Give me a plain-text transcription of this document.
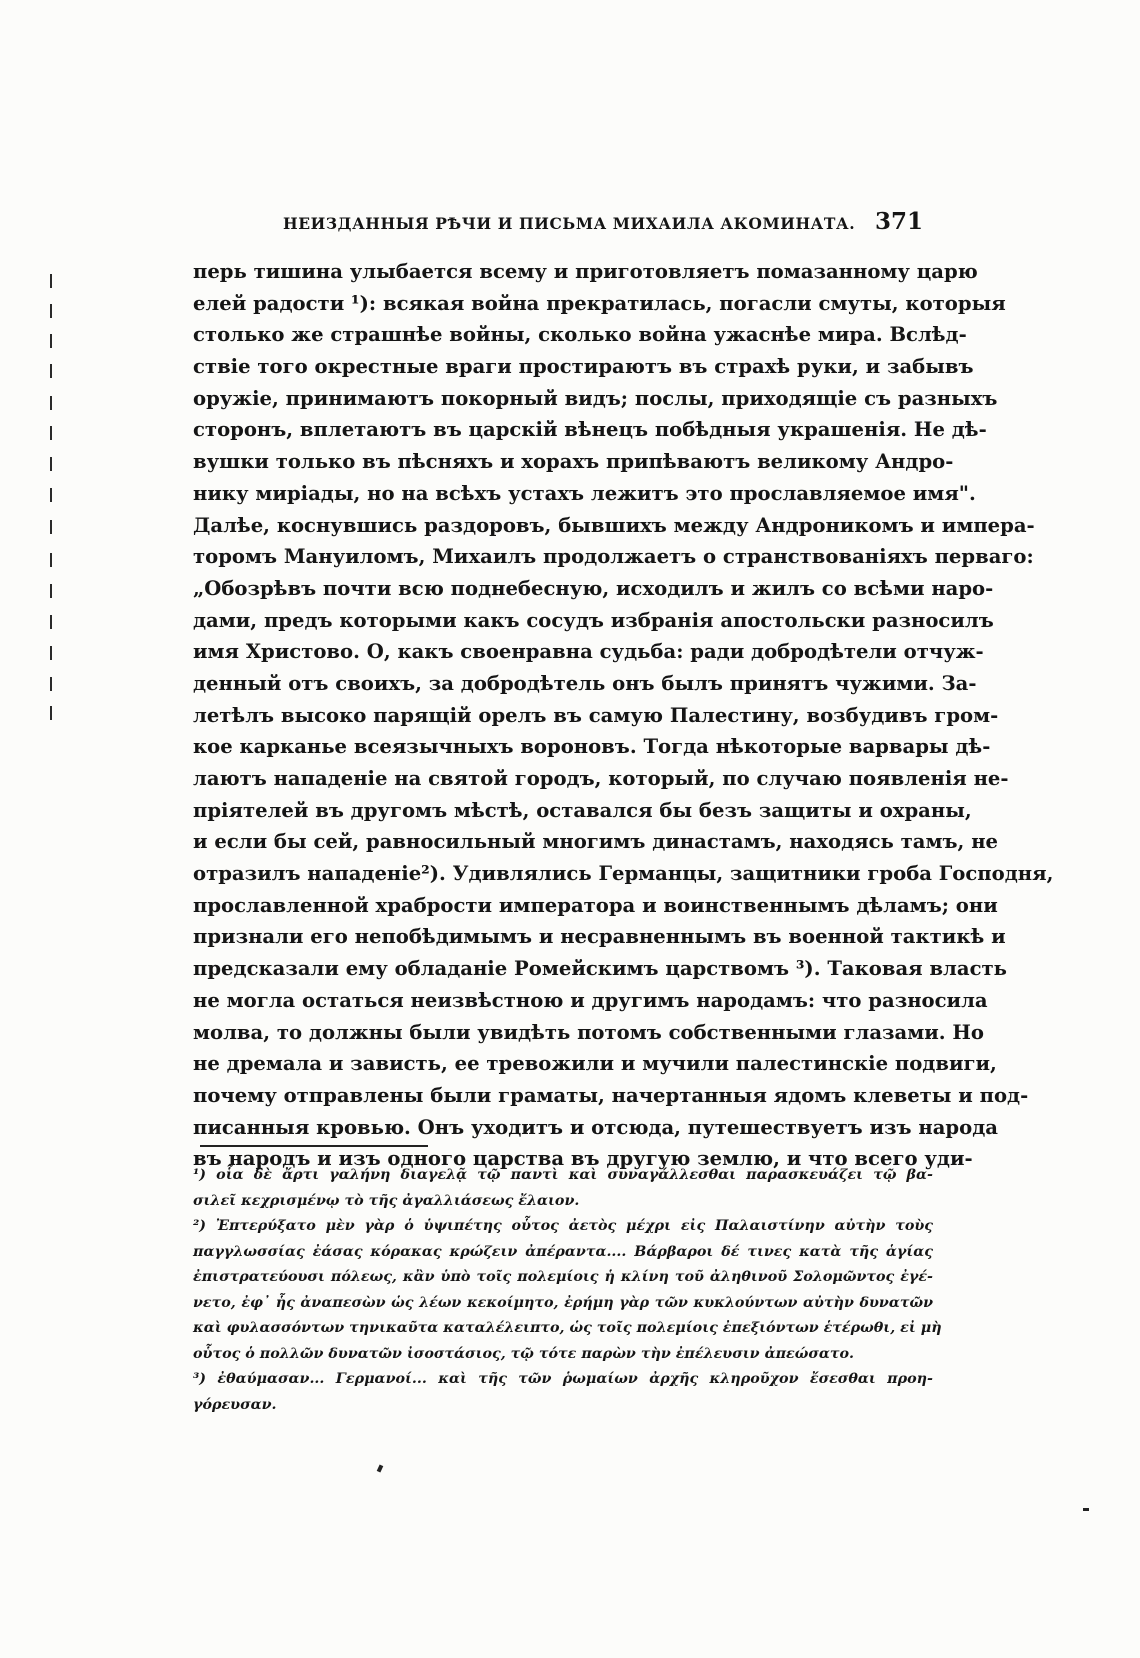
НЕИЗДАННЫЯ РѢЧИ И ПИСЬМА МИХАИЛА АКОМИНАТА. 371
перь тишина улыбается всему и приготовляетъ помазанному царю
елей радости ¹): всякая война прекратилась, погасли смуты, которыя
столько же страшнѣе войны, сколько война ужаснѣе мира. Вслѣд-
ствіе того окрестные враги простираютъ въ страхѣ руки, и забывъ
оружіе, принимаютъ покорный видъ; послы, приходящіе съ разныхъ
сторонъ, вплетаютъ въ царскій вѣнецъ побѣдныя украшенія. Не дѣ-
вушки только въ пѣсняхъ и хорахъ припѣваютъ великому Андро-
нику миріады, но на всѣхъ устахъ лежитъ это прославляемое имя".
Далѣе, коснувшись раздоровъ, бывшихъ между Андроникомъ и импера-
торомъ Мануиломъ, Михаилъ продолжаетъ о странствованіяхъ перваго:
„Обозрѣвъ почти всю поднебесную, исходилъ и жилъ со всѣми наро-
дами, предъ которыми какъ сосудъ избранія апостольски разносилъ
имя Христово. О, какъ своенравна судьба: ради добродѣтели отчуж-
денный отъ своихъ, за добродѣтель онъ былъ принятъ чужими. За-
летѣлъ высоко парящій орелъ въ самую Палестину, возбудивъ гром-
кое карканье всеязычныхъ вороновъ. Тогда нѣкоторые варвары дѣ-
лаютъ нападеніе на святой городъ, который, по случаю появленія не-
пріятелей въ другомъ мѣстѣ, оставался бы безъ защиты и охраны,
и если бы сей, равносильный многимъ династамъ, находясь тамъ, не
отразилъ нападеніе²). Удивлялись Германцы, защитники гроба Господня,
прославленной храбрости императора и воинственнымъ дѣламъ; они
признали его непобѣдимымъ и несравненнымъ въ военной тактикѣ и
предсказали ему обладаніе Ромейскимъ царствомъ ³). Таковая власть
не могла остаться неизвѣстною и другимъ народамъ: что разносила
молва, то должны были увидѣть потомъ собственными глазами. Но
не дремала и зависть, ее тревожили и мучили палестинскіе подвиги,
почему отправлены были граматы, начертанныя ядомъ клеветы и под-
писанныя кровью. Онъ уходитъ и отсюда, путешествуетъ изъ народа
въ народъ и изъ одного царства въ другую землю, и что всего уди-
¹) οἷα δὲ ἄρτι γαλήνη διαγελᾷ τῷ παντὶ καὶ συναγάλλεσθαι παρασκευάζει τῷ βα-
σιλεῖ κεχρισμένῳ τὸ τῆς ἀγαλλιάσεως ἔλαιον.
²) Ἐπτερύξατο μὲν γὰρ ὁ ὑψιπέτης οὗτος ἀετὸς μέχρι εἰς Παλαιστίνην αὐτὴν τοὺς
παγγλωσσίας ἐάσας κόρακας κρώζειν ἀπέραντα.... Βάρβαροι δέ τινες κατὰ τῆς ἁγίας
ἐπιστρατεύουσι πόλεως, κἂν ὑπὸ τοῖς πολεμίοις ἡ κλίνη τοῦ ἀληθινοῦ Σολομῶντος ἐγέ-
νετο, ἐφ᾽ ἧς ἀναπεσὼν ὡς λέων κεκοίμητο, ἐρήμη γὰρ τῶν κυκλούντων αὐτὴν δυνατῶν
καὶ φυλασσόντων τηνικαῦτα καταλέλειπτο, ὡς τοῖς πολεμίοις ἐπεξιόντων ἑτέρωθι, εἰ μὴ
οὗτος ὁ πολλῶν δυνατῶν ἰσοστάσιος, τῷ τότε παρὼν τὴν ἐπέλευσιν ἀπεώσατο.
³) ἐθαύμασαν... Γερμανοί... καὶ τῆς τῶν ῥωμαίων ἀρχῆς κληροῦχον ἔσεσθαι προη-
γόρευσαν.
